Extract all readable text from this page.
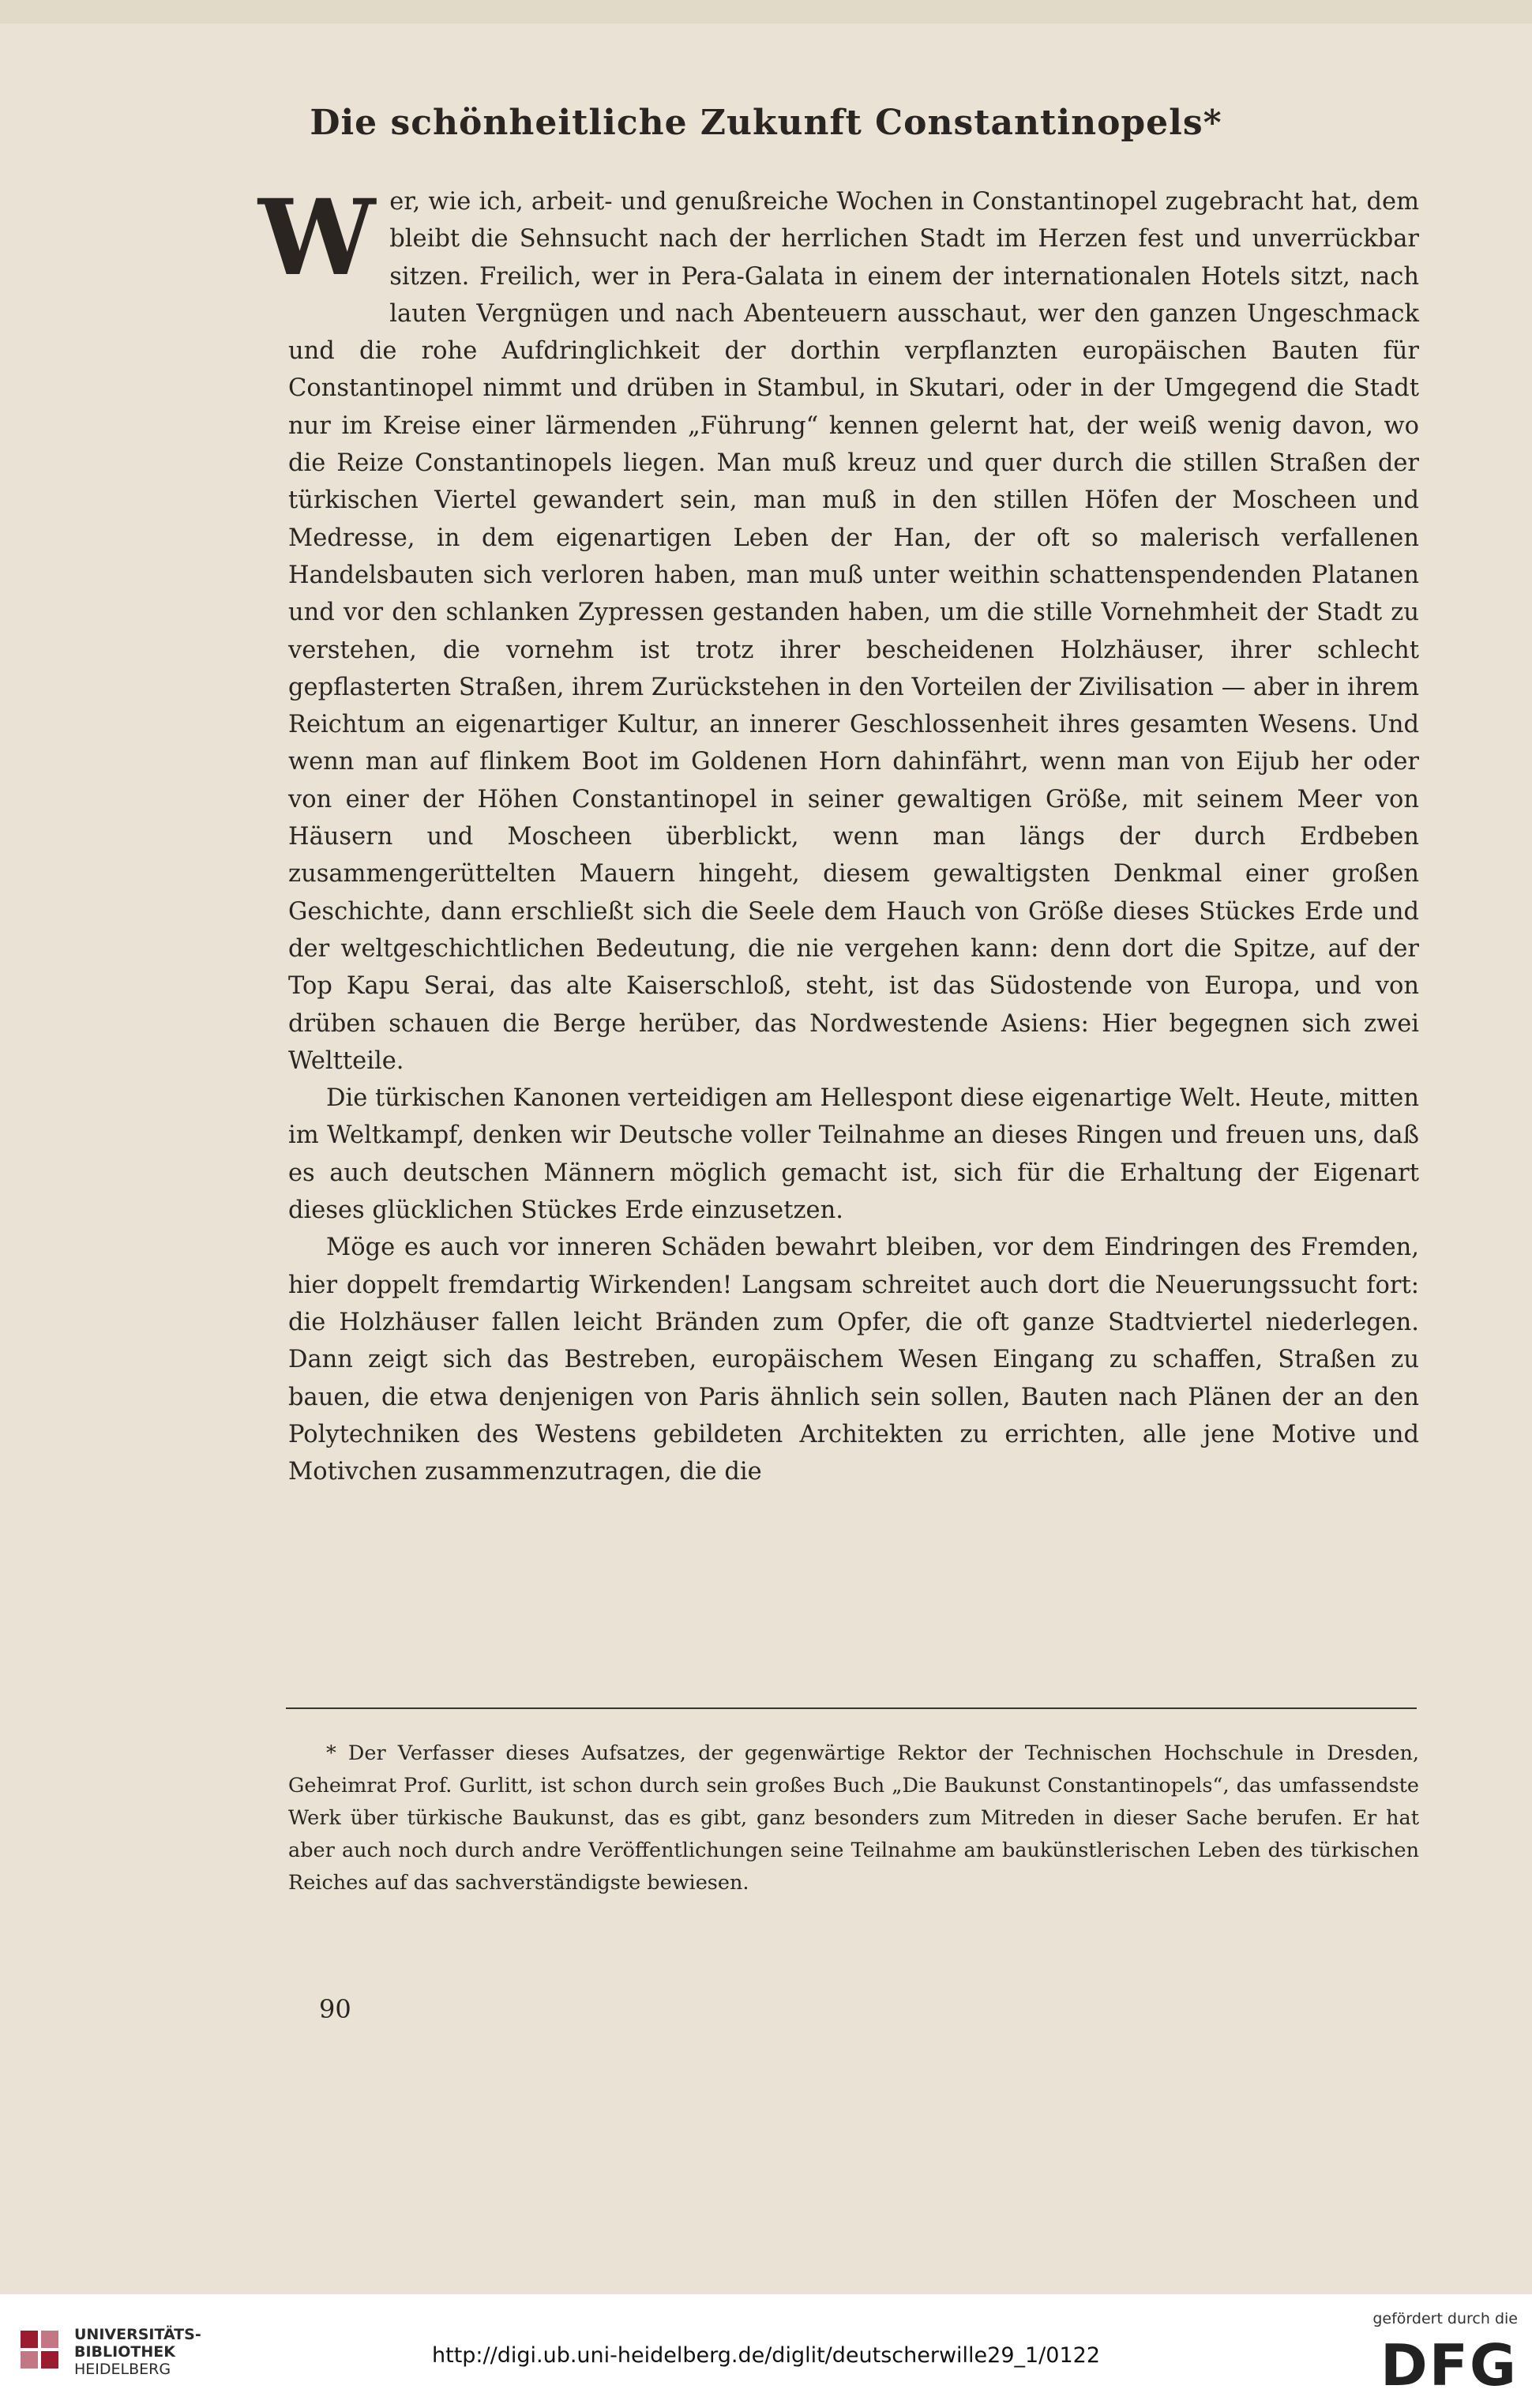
Die schönheitliche Zukunft Constantinopels*

Wer, wie ich, arbeit- und genußreiche Wochen in Constantinopel zugebracht hat, dem bleibt die Sehnsucht nach der herrlichen Stadt im Herzen fest und unverrückbar sitzen. Freilich, wer in Pera-Galata in einem der internationalen Hotels sitzt, nach lauten Vergnügen und nach Abenteuern ausschaut, wer den ganzen Ungeschmack und die rohe Aufdringlichkeit der dorthin verpflanzten europäischen Bauten für Constantinopel nimmt und drüben in Stambul, in Skutari, oder in der Umgegend die Stadt nur im Kreise einer lärmenden „Führung“ kennen gelernt hat, der weiß wenig davon, wo die Reize Constantinopels liegen. Man muß kreuz und quer durch die stillen Straßen der türkischen Viertel gewandert sein, man muß in den stillen Höfen der Moscheen und Medresse, in dem eigenartigen Leben der Han, der oft so malerisch verfallenen Handelsbauten sich verloren haben, man muß unter weithin schattenspendenden Platanen und vor den schlanken Zypressen gestanden haben, um die stille Vornehmheit der Stadt zu verstehen, die vornehm ist trotz ihrer bescheidenen Holzhäuser, ihrer schlecht gepflasterten Straßen, ihrem Zurückstehen in den Vorteilen der Zivilisation — aber in ihrem Reichtum an eigenartiger Kultur, an innerer Geschlossenheit ihres gesamten Wesens. Und wenn man auf flinkem Boot im Goldenen Horn dahinfährt, wenn man von Eijub her oder von einer der Höhen Constantinopel in seiner gewaltigen Größe, mit seinem Meer von Häusern und Moscheen überblickt, wenn man längs der durch Erdbeben zusammengerüttelten Mauern hingeht, diesem gewaltigsten Denkmal einer großen Geschichte, dann erschließt sich die Seele dem Hauch von Größe dieses Stückes Erde und der weltgeschichtlichen Bedeutung, die nie vergehen kann: denn dort die Spitze, auf der Top Kapu Serai, das alte Kaiserschloß, steht, ist das Südostende von Europa, und von drüben schauen die Berge herüber, das Nordwestende Asiens: Hier begegnen sich zwei Weltteile.

Die türkischen Kanonen verteidigen am Hellespont diese eigenartige Welt. Heute, mitten im Weltkampf, denken wir Deutsche voller Teilnahme an dieses Ringen und freuen uns, daß es auch deutschen Männern möglich gemacht ist, sich für die Erhaltung der Eigenart dieses glücklichen Stückes Erde einzusetzen.

Möge es auch vor inneren Schäden bewahrt bleiben, vor dem Eindringen des Fremden, hier doppelt fremdartig Wirkenden! Langsam schreitet auch dort die Neuerungssucht fort: die Holzhäuser fallen leicht Bränden zum Opfer, die oft ganze Stadtviertel niederlegen. Dann zeigt sich das Bestreben, europäischem Wesen Eingang zu schaffen, Straßen zu bauen, die etwa denjenigen von Paris ähnlich sein sollen, Bauten nach Plänen der an den Polytechniken des Westens gebildeten Architekten zu errichten, alle jene Motive und Motivchen zusammenzutragen, die die

* Der Verfasser dieses Aufsatzes, der gegenwärtige Rektor der Technischen Hochschule in Dresden, Geheimrat Prof. Gurlitt, ist schon durch sein großes Buch „Die Baukunst Constantinopels“, das umfassendste Werk über türkische Baukunst, das es gibt, ganz besonders zum Mitreden in dieser Sache berufen. Er hat aber auch noch durch andre Veröffentlichungen seine Teilnahme am baukünstlerischen Leben des türkischen Reiches auf das sachverständigste bewiesen.
90
UNIVERSITÄTS-
BIBLIOTHEK
HEIDELBERG
http://digi.ub.uni-heidelberg.de/diglit/deutscherwille29_1/0122
gefördert durch die
DFG
